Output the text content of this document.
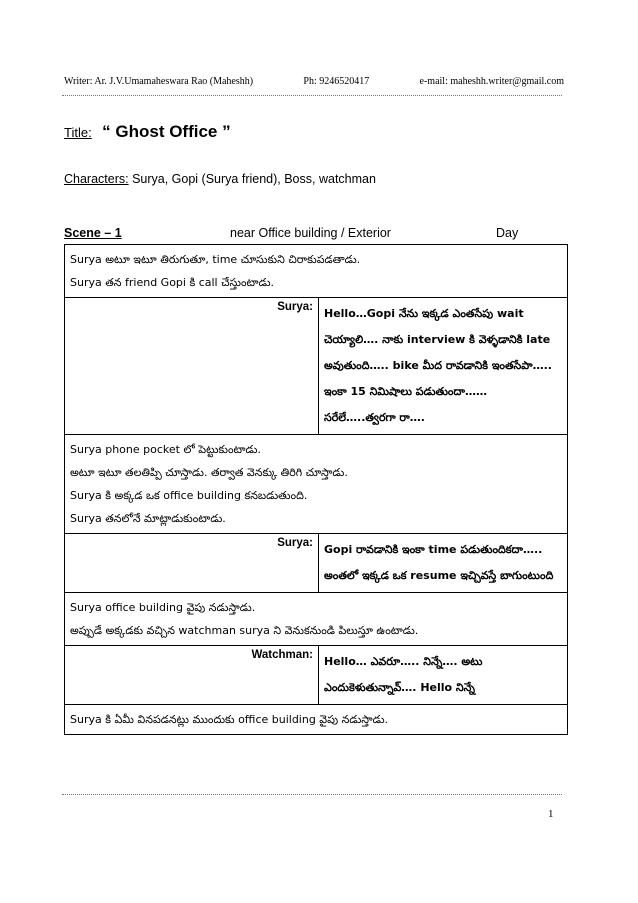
Writer: Ar. J.V.Umamaheswara Rao (Maheshh)	Ph: 9246520417	e-mail: maheshh.writer@gmail.com
Title: “ Ghost Office ”
Characters: Surya, Gopi (Surya friend), Boss, watchman
Scene – 1	near Office building / Exterior	Day

Surya అటూ ఇటూ తిరుగుతూ, time చూసుకుని చిరాకుపడతాడు.

Surya తన friend Gopi కి call చేస్తుంటాడు.	

Surya:	Hello…Gopi నేను ఇక్కడ ఎంతసేపు wait చెయ్యాలి…. నాకు interview కి వెళ్ళడానికి late అవుతుంది….. bike మీద రావడానికి ఇంతసేపా….. ఇంకా 15 నిమిషాలు పడుతుందా…… సరేలే…..త్వరగా రా….

Surya phone pocket లో పెట్టుకుంటాడు.

అటూ ఇటూ తలతిప్పి చూస్తాడు. తర్వాత వెనక్కు తిరిగి చూస్తాడు.

Surya కి అక్కడ ఒక office building కనబడుతుంది.

Surya తనలోనే మాట్లాడుకుంటాడు.	

Surya:	Gopi రావడానికి ఇంకా time పడుతుందికదా….. అంతలో ఇక్కడ ఒక resume ఇచ్చివస్తే బాగుంటుంది

Surya office building వైపు నడుస్తాడు.

అప్పుడే అక్కడకు వచ్చిన watchman surya ని వెనుకనుండి పిలుస్తూ ఉంటాడు.	

Watchman:	Hello… ఎవరూ….. నిన్నే…. అటు ఎందుకెళుతున్నావ్…. Hello నిన్నే

Surya కి ఏమీ వినపడనట్లు ముందుకు office building వైపు నడుస్తాడు.	

1
